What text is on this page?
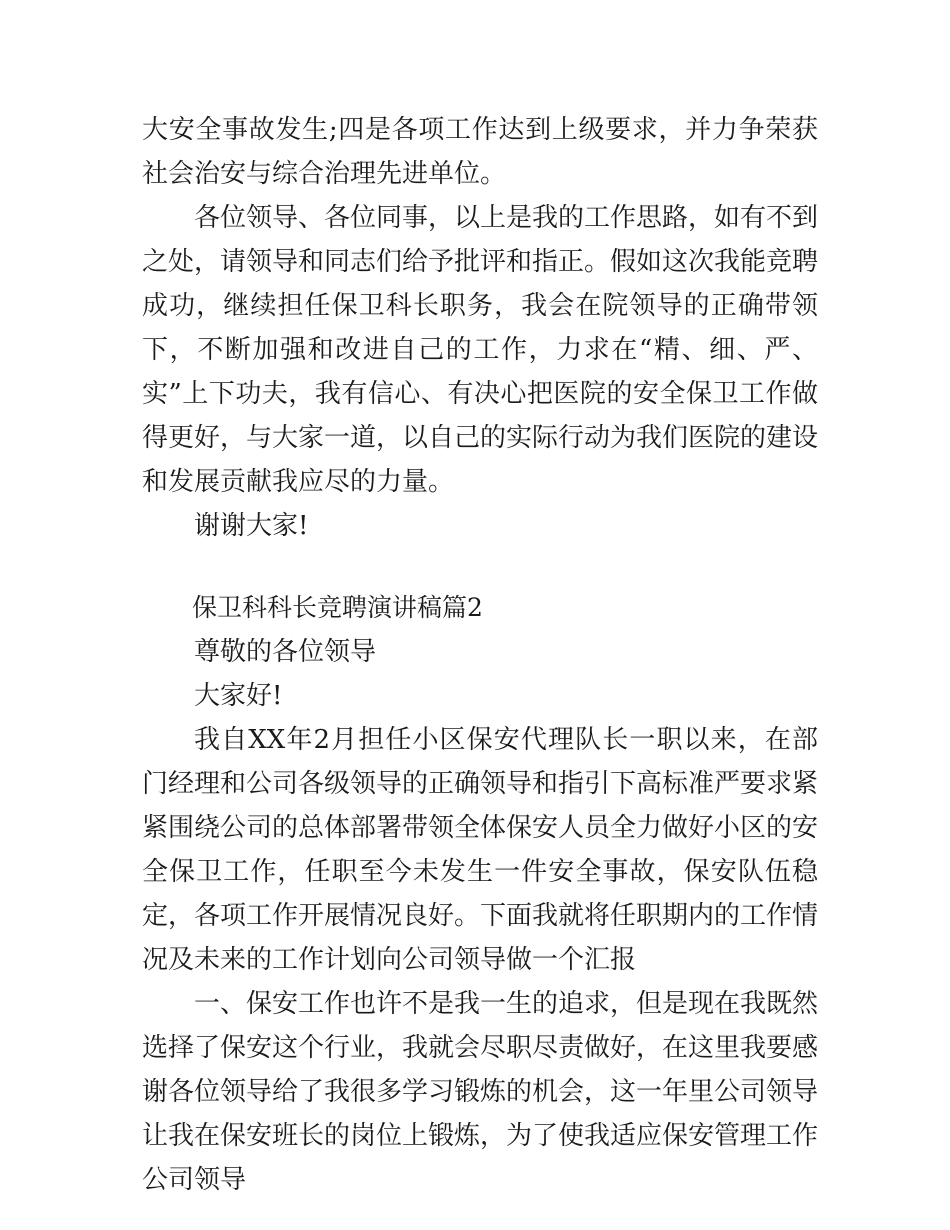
大安全事故发生;四是各项工作达到上级要求，并力争荣获社会治安与综合治理先进单位。

各位领导、各位同事，以上是我的工作思路，如有不到之处，请领导和同志们给予批评和指正。假如这次我能竞聘成功，继续担任保卫科长职务，我会在院领导的正确带领下，不断加强和改进自己的工作，力求在“精、细、严、实”上下功夫，我有信心、有决心把医院的安全保卫工作做得更好，与大家一道，以自己的实际行动为我们医院的建设和发展贡献我应尽的力量。

谢谢大家!

保卫科科长竞聘演讲稿篇2

尊敬的各位领导

大家好!

我自XX年2月担任小区保安代理队长一职以来，在部门经理和公司各级领导的正确领导和指引下高标准严要求紧紧围绕公司的总体部署带领全体保安人员全力做好小区的安全保卫工作，任职至今未发生一件安全事故，保安队伍稳定，各项工作开展情况良好。下面我就将任职期内的工作情况及未来的工作计划向公司领导做一个汇报

一、保安工作也许不是我一生的追求，但是现在我既然选择了保安这个行业，我就会尽职尽责做好，在这里我要感谢各位领导给了我很多学习锻炼的机会，这一年里公司领导让我在保安班长的岗位上锻炼，为了使我适应保安管理工作公司领导
